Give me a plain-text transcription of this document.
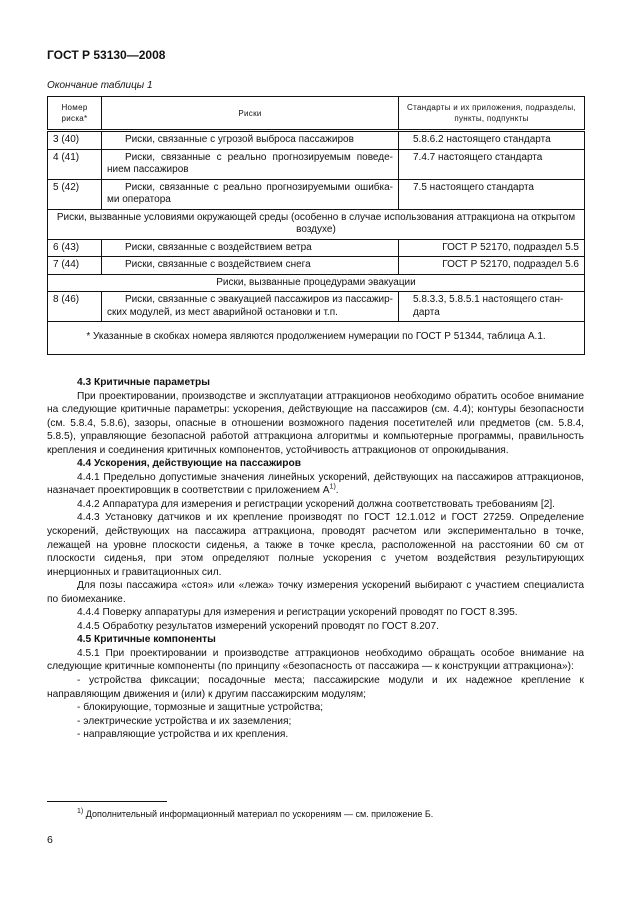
ГОСТ Р 53130—2008
Окончание таблицы 1
Номер риска*	Риски	Стандарты и их приложения, подразделы, пункты, подпункты
3 (40)	Риски, связанные с угрозой выброса пассажиров	5.8.6.2 настоящего стандарта
4 (41)	Риски, связанные с реально прогнозируемым поведе-нием пассажиров	7.4.7 настоящего стандарта
5 (42)	Риски, связанные с реально прогнозируемыми ошибка-ми оператора	7.5 настоящего стандарта
Риски, вызванные условиями окружающей среды (особенно в случае использования аттракциона на открытом воздухе)		
6 (43)	Риски, связанные с воздействием ветра	ГОСТ Р 52170, подраздел 5.5
7 (44)	Риски, связанные с воздействием снега	ГОСТ Р 52170, подраздел 5.6
Риски, вызванные процедурами эвакуации		
8 (46)	Риски, связанные с эвакуацией пассажиров из пассажир-ских модулей, из мест аварийной остановки и т.п.	5.8.3.3, 5.8.5.1 настоящего стан-дарта
* Указанные в скобках номера являются продолжением нумерации по ГОСТ Р 51344, таблица А.1.		

4.3 Критичные параметры

При проектировании, производстве и эксплуатации аттракционов необходимо обратить особое внимание на следующие критичные параметры: ускорения, действующие на пассажиров (см. 4.4); контуры безопасности (см. 5.8.4, 5.8.6), зазоры, опасные в отношении возможного падения посетителей или предметов (см. 5.8.4, 5.8.5), управляющие безопасной работой аттракциона алгоритмы и компьютерные программы, правильность крепления и соединения критичных компонентов, устойчивость аттракционов от опрокидывания.

4.4 Ускорения, действующие на пассажиров

4.4.1 Предельно допустимые значения линейных ускорений, действующих на пассажиров аттракционов, назначает проектировщик в соответствии с приложением $А^{1)}$.

4.4.2 Аппаратура для измерения и регистрации ускорений должна соответствовать требованиям [2].

4.4.3 Установку датчиков и их крепление производят по ГОСТ 12.1.012 и ГОСТ 27259. Определение ускорений, действующих на пассажира аттракциона, проводят расчетом или экспериментально в точке, лежащей на уровне плоскости сиденья, а также в точке кресла, расположенной на расстоянии 60 см от плоскости сиденья, при этом определяют полные ускорения с учетом воздействия результирующих инерционных и гравитационных сил.

Для позы пассажира «стоя» или «лежа» точку измерения ускорений выбирают с участием специалиста по биомеханике.

4.4.4 Поверку аппаратуры для измерения и регистрации ускорений проводят по ГОСТ 8.395.

4.4.5 Обработку результатов измерений ускорений проводят по ГОСТ 8.207.

4.5 Критичные компоненты

4.5.1 При проектировании и производстве аттракционов необходимо обращать особое внимание на следующие критичные компоненты (по принципу «безопасность от пассажира — к конструкции аттракциона»):

- устройства фиксации; посадочные места; пассажирские модули и их надежное крепление к направляющим движения и (или) к другим пассажирским модулям;

- блокирующие, тормозные и защитные устройства;

- электрические устройства и их заземления;

- направляющие устройства и их крепления.

$^{1)}$ Дополнительный информационный материал по ускорениям — см. приложение Б.
6
